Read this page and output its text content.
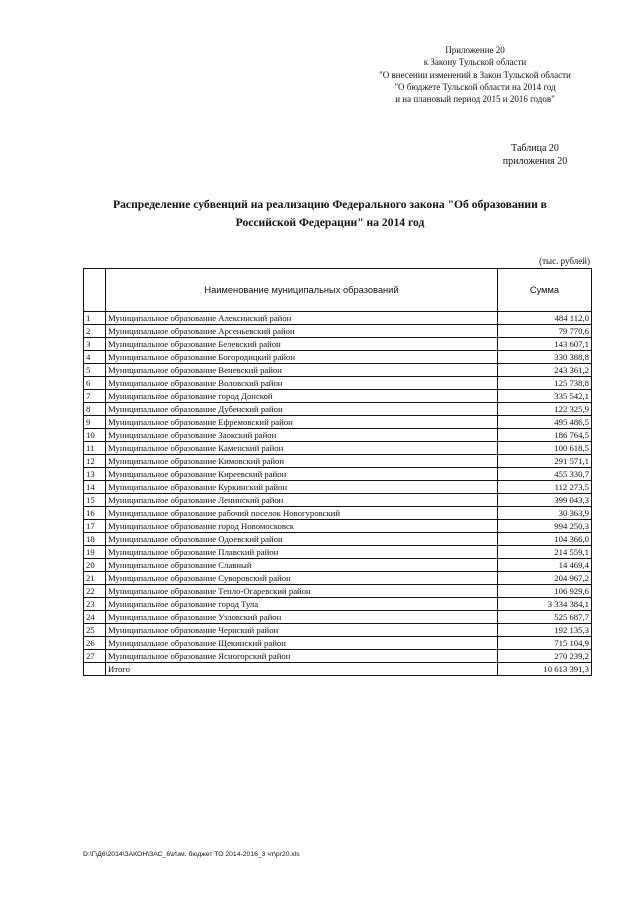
Приложение 20
к Закону Тульской области
"О внесении изменений в Закон Тульской области
"О бюджете Тульской области на 2014 год
и на плановый период 2015 и 2016 годов"
Таблица 20
приложения 20
Распределение субвенций на реализацию Федерального закона "Об образовании в
Российской Федерации" на 2014 год
(тыс. рублей)
	Наименование муниципальных образований	Сумма
1	Муниципальное образование Алексинский район	484 112,0
2	Муниципальное образование Арсеньевский район	79 770,6
3	Муниципальное образование Белевский район	143 607,1
4	Муниципальное образование Богородицкий район	330 388,8
5	Муниципальное образование Веневский район	243 361,2
6	Муниципальное образование Воловский район	125 738,8
7	Муниципальное образование город Донской	335 542,1
8	Муниципальное образование Дубенский район	122 325,9
9	Муниципальное образование Ефремовский район	495 486,5
10	Муниципальное образование Заокский район	186 764,5
11	Муниципальное образование Каменский район	100 618,5
12	Муниципальное образование Кимовский район	291 571,1
13	Муниципальное образование Киреевский район	455 330,7
14	Муниципальное образование Куркинский район	112 273,5
15	Муниципальное образование Ленинский район	399 043,3
16	Муниципальное образование рабочий поселок Новогуровский	30 363,9
17	Муниципальное образование город Новомосковск	994 250,3
18	Муниципальное образование Одоевский район	104 366,0
19	Муниципальное образование Плавский район	214 559,1
20	Муниципальное образование Славный	14 469,4
21	Муниципальное образование Суворовский район	204 967,2
22	Муниципальное образование Тепло-Огаревский район	106 929,6
23	Муниципальное образование город Тула	3 334 384,1
24	Муниципальное образование Узловский район	525 687,7
25	Муниципальное образование Чернский район	192 135,3
26	Муниципальное образование Щекинский район	715 104,9
27	Муниципальное образование Ясногорский район	270 239,2
	Итого	10 613 391,3
D:\Г\Д6\2014\ЗАКОН\ЗАС_6\Изм. бюджет ТО 2014-2016_3 чт\pr20.xls
